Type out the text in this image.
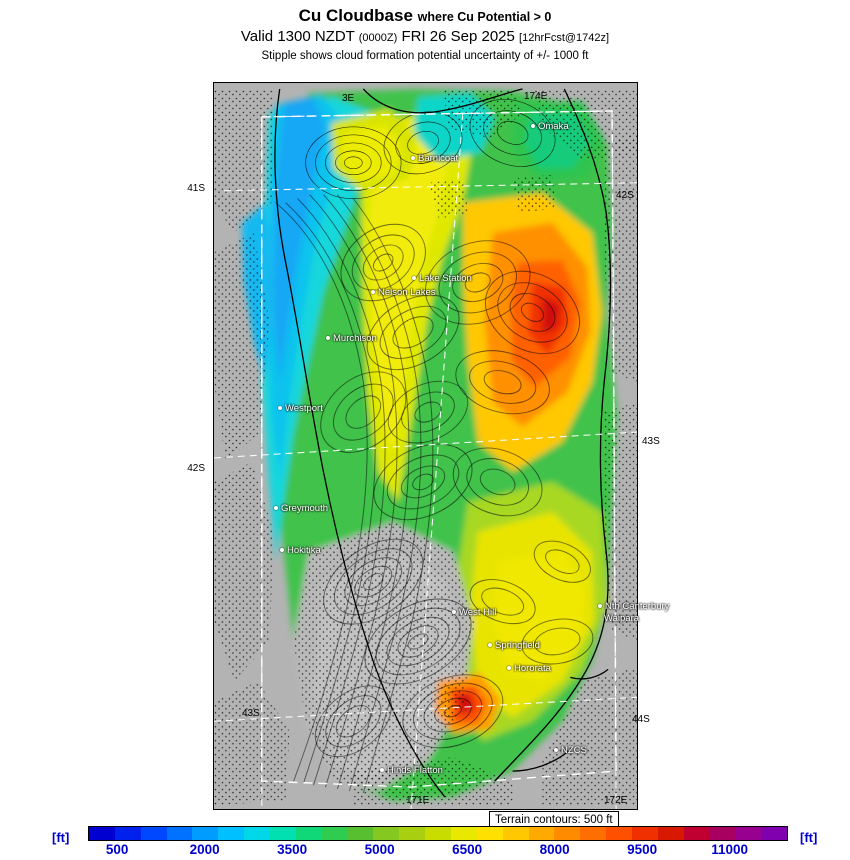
Cu Cloudbase where Cu Potential > 0
Valid 1300 NZDT (0000Z) FRI 26 Sep 2025 [12hrFcst@1742z]
Stipple shows cloud formation potential uncertainty of +/- 1000 ft
3E	174E
171E	172E
Omaka
Barnicoat
Lake Station
Nelson Lakes
Murchison
Westport
Greymouth
Hokitika
West Hill
Springfield
Hororata
Nth Canterbury
Waipara
NZCS
Hinds Flatton
41S
42S
43S
42S
43S
44S
Terrain contours: 500 ft
[ft]	[ft]
500	2000	3500	5000	6500	8000	9500	11000
